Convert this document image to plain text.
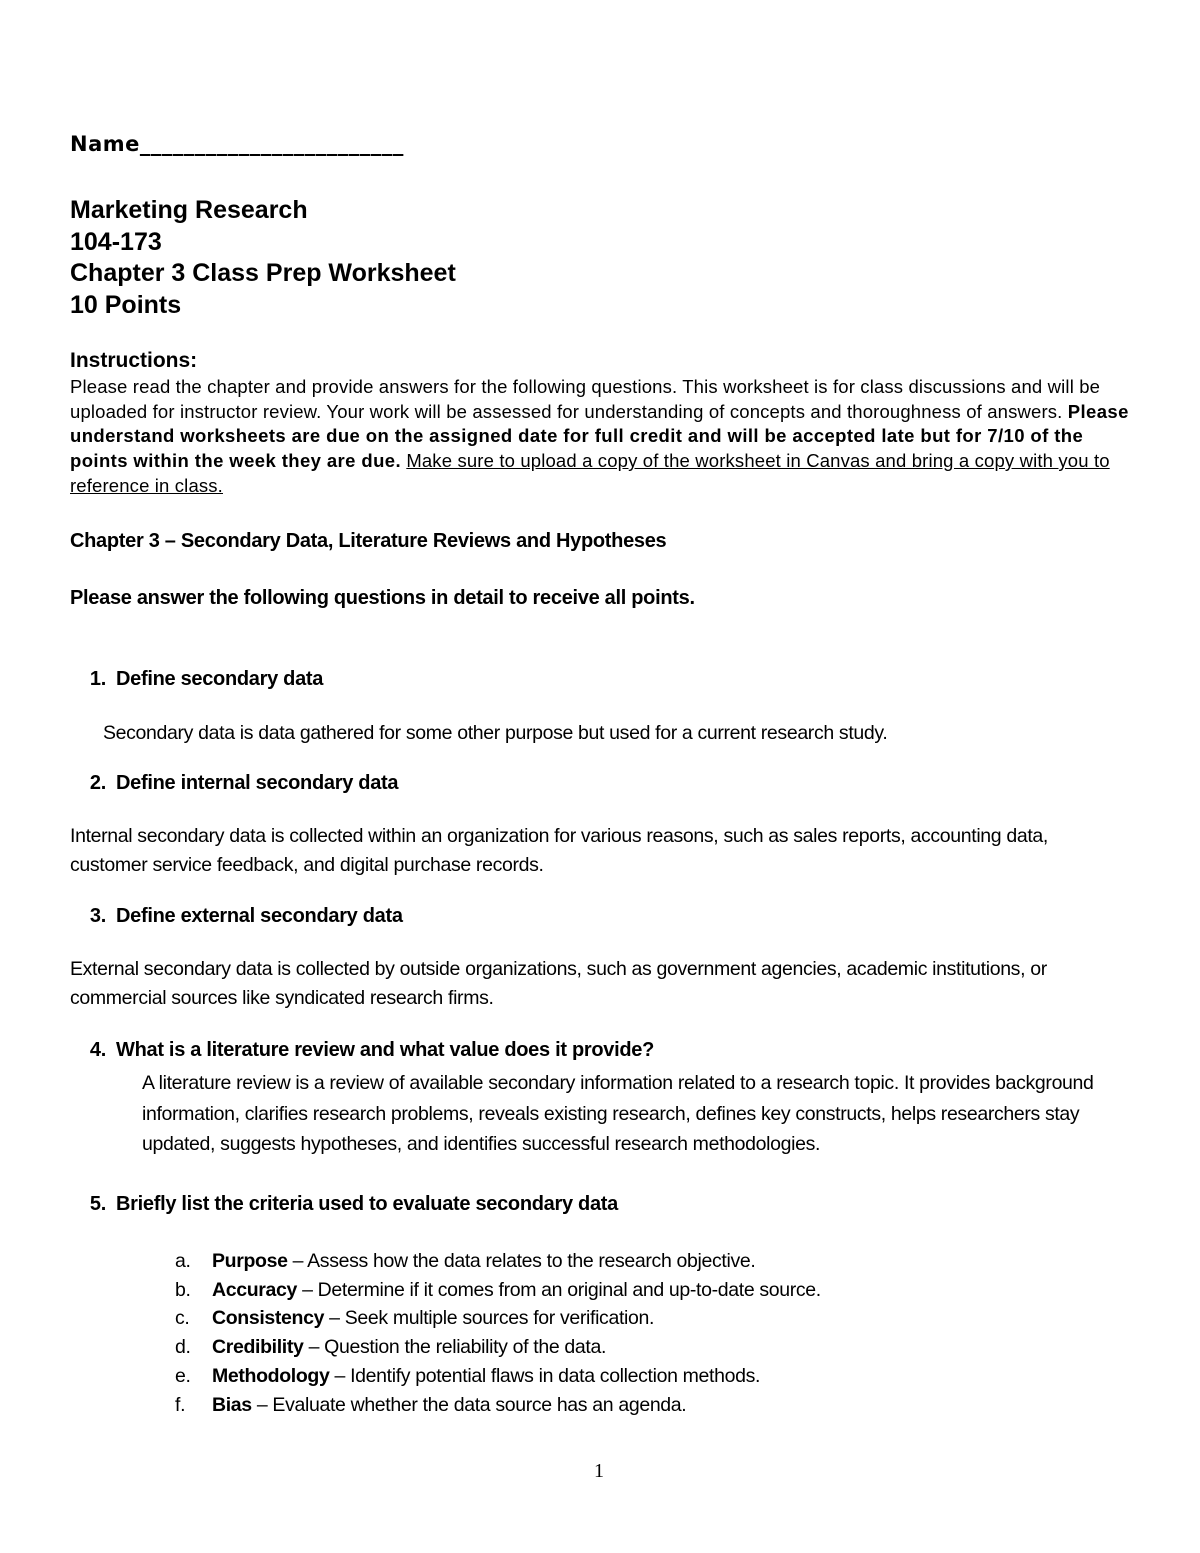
Name________________________
Marketing Research
104-173
Chapter 3 Class Prep Worksheet
10 Points
Instructions:

Please read the chapter and provide answers for the following questions. This worksheet is for class discussions and will be uploaded for instructor review. Your work will be assessed for understanding of concepts and thoroughness of answers. Please understand worksheets are due on the assigned date for full credit and will be accepted late but for 7/10 of the points within the week they are due. Make sure to upload a copy of the worksheet in Canvas and bring a copy with you to reference in class.

Chapter 3 – Secondary Data, Literature Reviews and Hypotheses
Please answer the following questions in detail to receive all points.
1. Define secondary data

Secondary data is data gathered for some other purpose but used for a current research study.

2. Define internal secondary data

Internal secondary data is collected within an organization for various reasons, such as sales reports, accounting data, customer service feedback, and digital purchase records.

3. Define external secondary data

External secondary data is collected by outside organizations, such as government agencies, academic institutions, or commercial sources like syndicated research firms.

4. What is a literature review and what value does it provide?

A literature review is a review of available secondary information related to a research topic. It provides background information, clarifies research problems, reveals existing research, defines key constructs, helps researchers stay updated, suggests hypotheses, and identifies successful research methodologies.

5. Briefly list the criteria used to evaluate secondary data
a. Purpose – Assess how the data relates to the research objective.
b. Accuracy – Determine if it comes from an original and up-to-date source.
c. Consistency – Seek multiple sources for verification.
d. Credibility – Question the reliability of the data.
e. Methodology – Identify potential flaws in data collection methods.
f. Bias – Evaluate whether the data source has an agenda.
1
